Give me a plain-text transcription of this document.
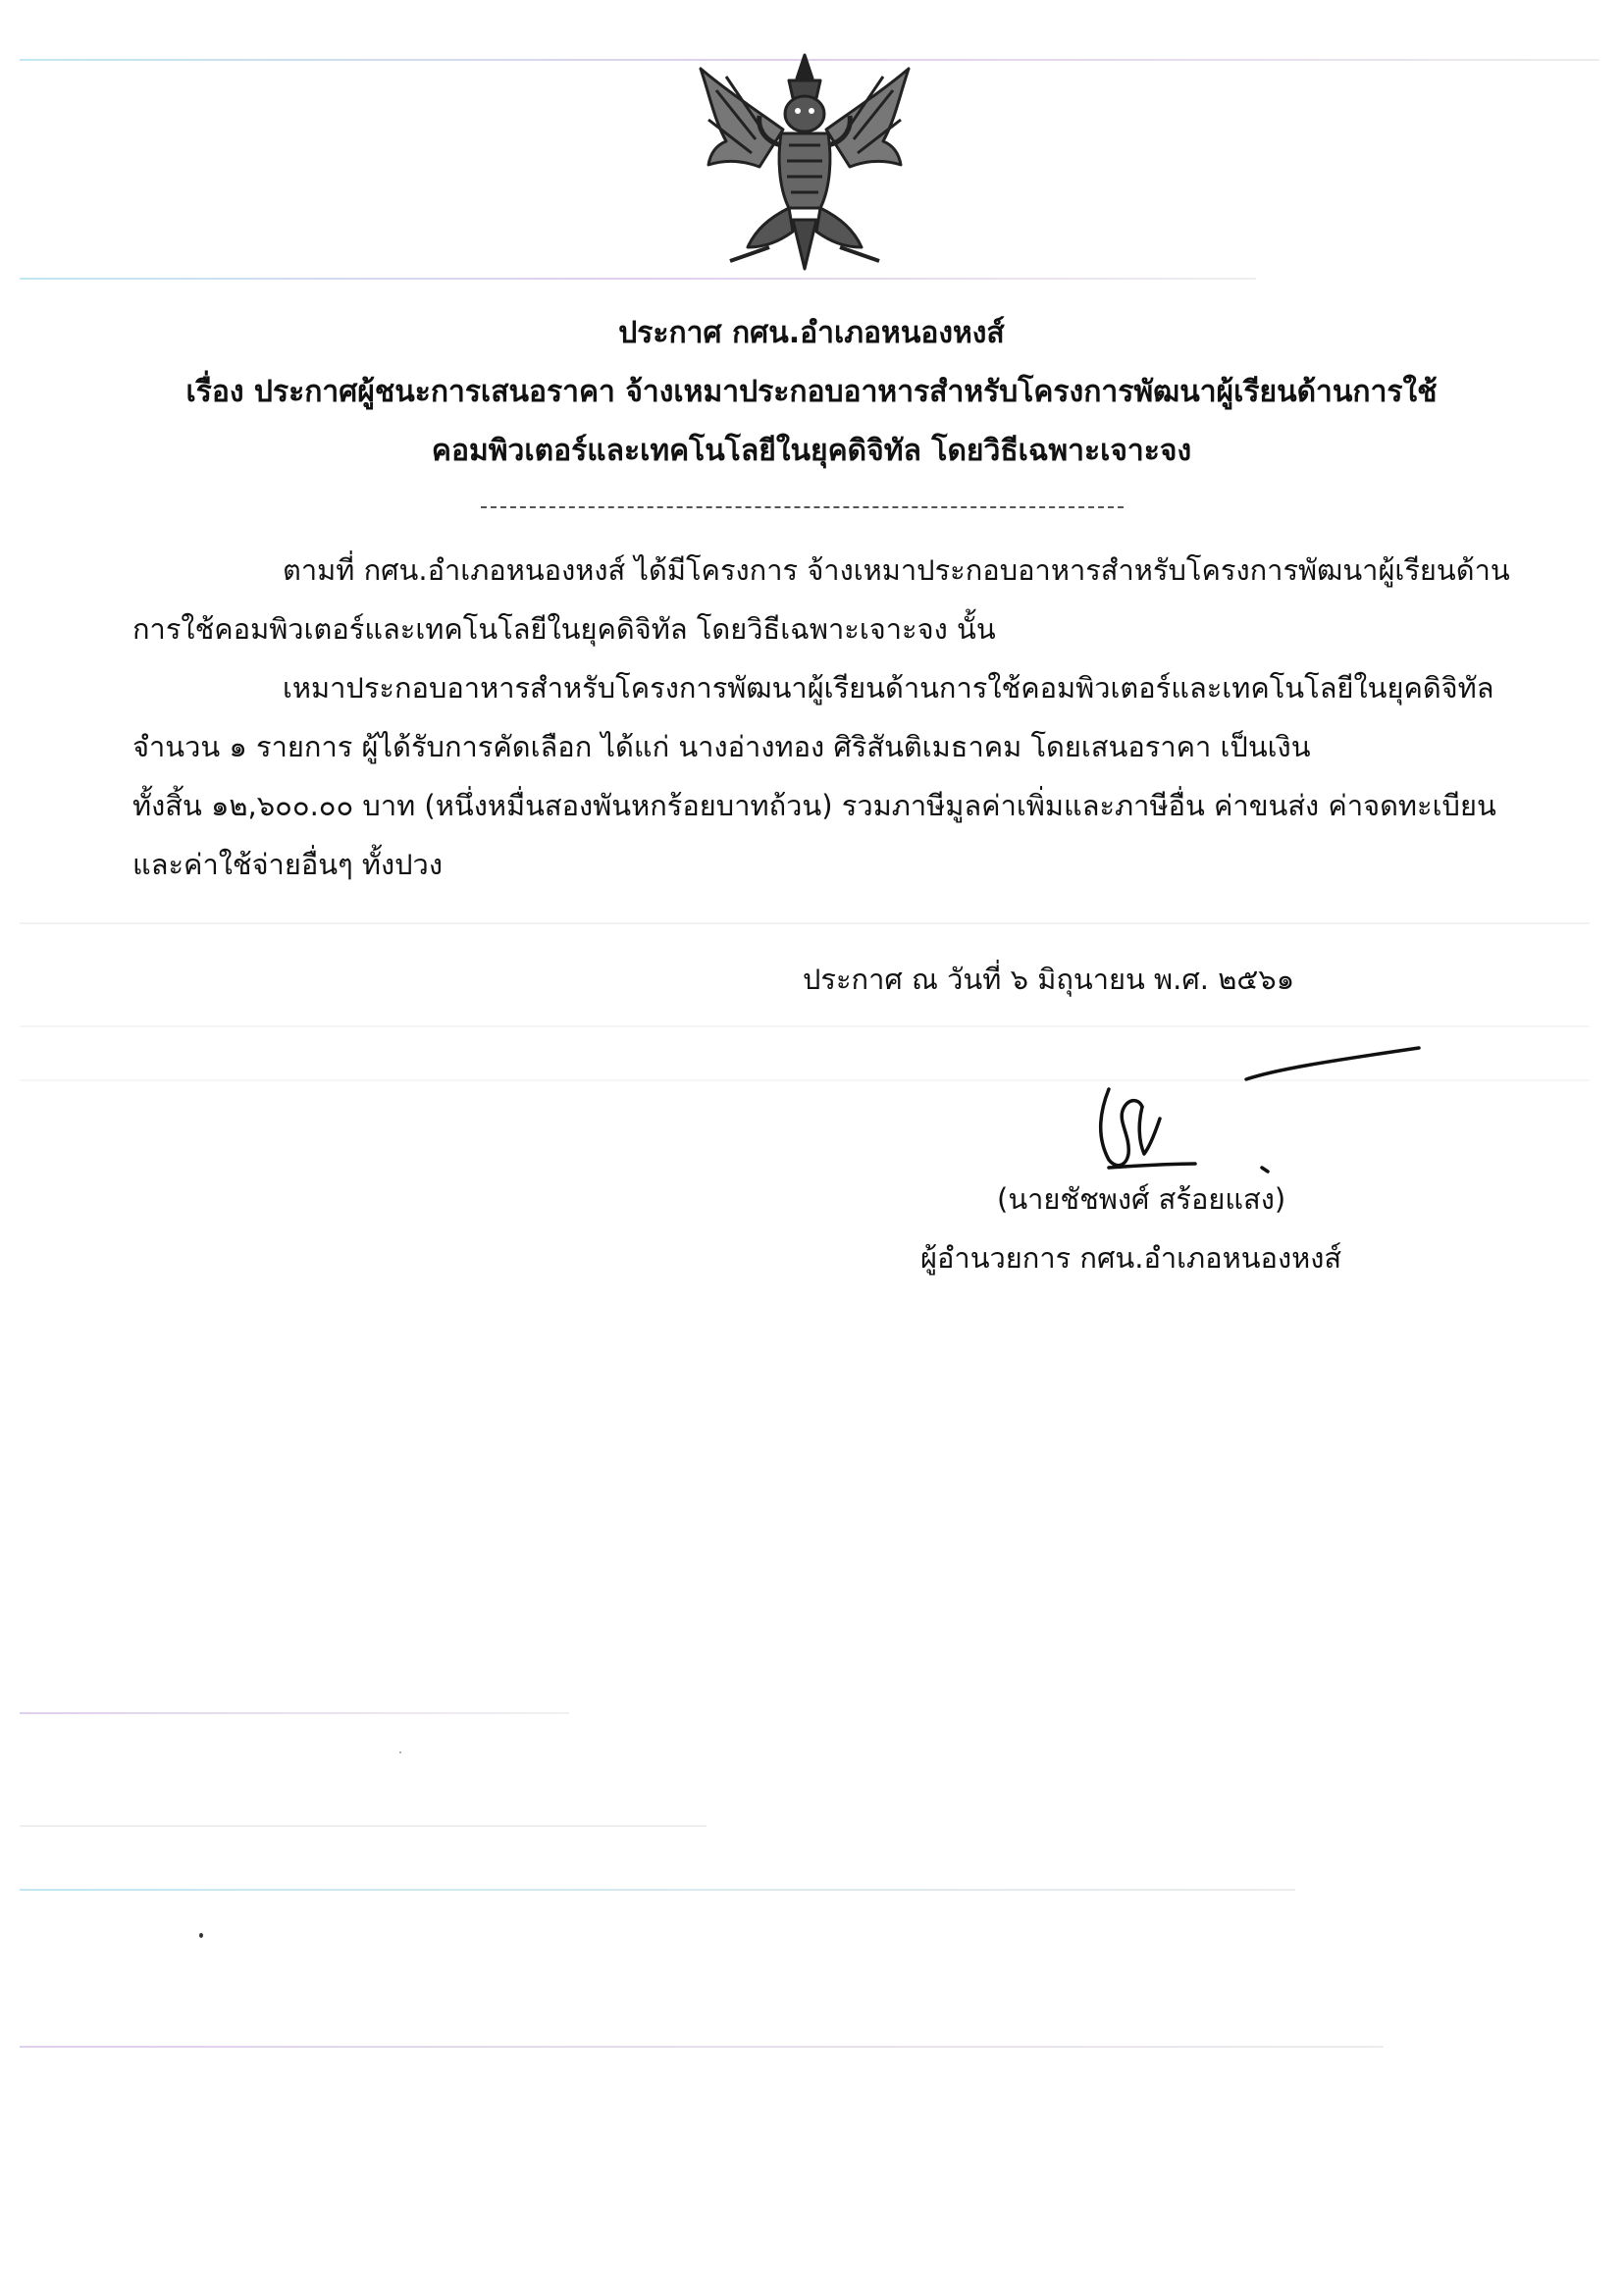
ประกาศ กศน.อำเภอหนองหงส์
เรื่อง ประกาศผู้ชนะการเสนอราคา จ้างเหมาประกอบอาหารสำหรับโครงการพัฒนาผู้เรียนด้านการใช้
คอมพิวเตอร์และเทคโนโลยีในยุคดิจิทัล โดยวิธีเฉพาะเจาะจง
ตามที่ กศน.อำเภอหนองหงส์ ได้มีโครงการ จ้างเหมาประกอบอาหารสำหรับโครงการพัฒนาผู้เรียนด้าน
การใช้คอมพิวเตอร์และเทคโนโลยีในยุคดิจิทัล โดยวิธีเฉพาะเจาะจง นั้น
เหมาประกอบอาหารสำหรับโครงการพัฒนาผู้เรียนด้านการใช้คอมพิวเตอร์และเทคโนโลยีในยุคดิจิทัล
จำนวน ๑ รายการ ผู้ได้รับการคัดเลือก ได้แก่ นางอ่างทอง ศิริสันติเมธาคม โดยเสนอราคา เป็นเงิน
ทั้งสิ้น ๑๒,๖๐๐.๐๐ บาท (หนึ่งหมื่นสองพันหกร้อยบาทถ้วน) รวมภาษีมูลค่าเพิ่มและภาษีอื่น ค่าขนส่ง ค่าจดทะเบียน
และค่าใช้จ่ายอื่นๆ ทั้งปวง
ประกาศ ณ วันที่ ๖ มิถุนายน พ.ศ. ๒๕๖๑
(นายชัชพงศ์ สร้อยแสง)
ผู้อำนวยการ กศน.อำเภอหนองหงส์
